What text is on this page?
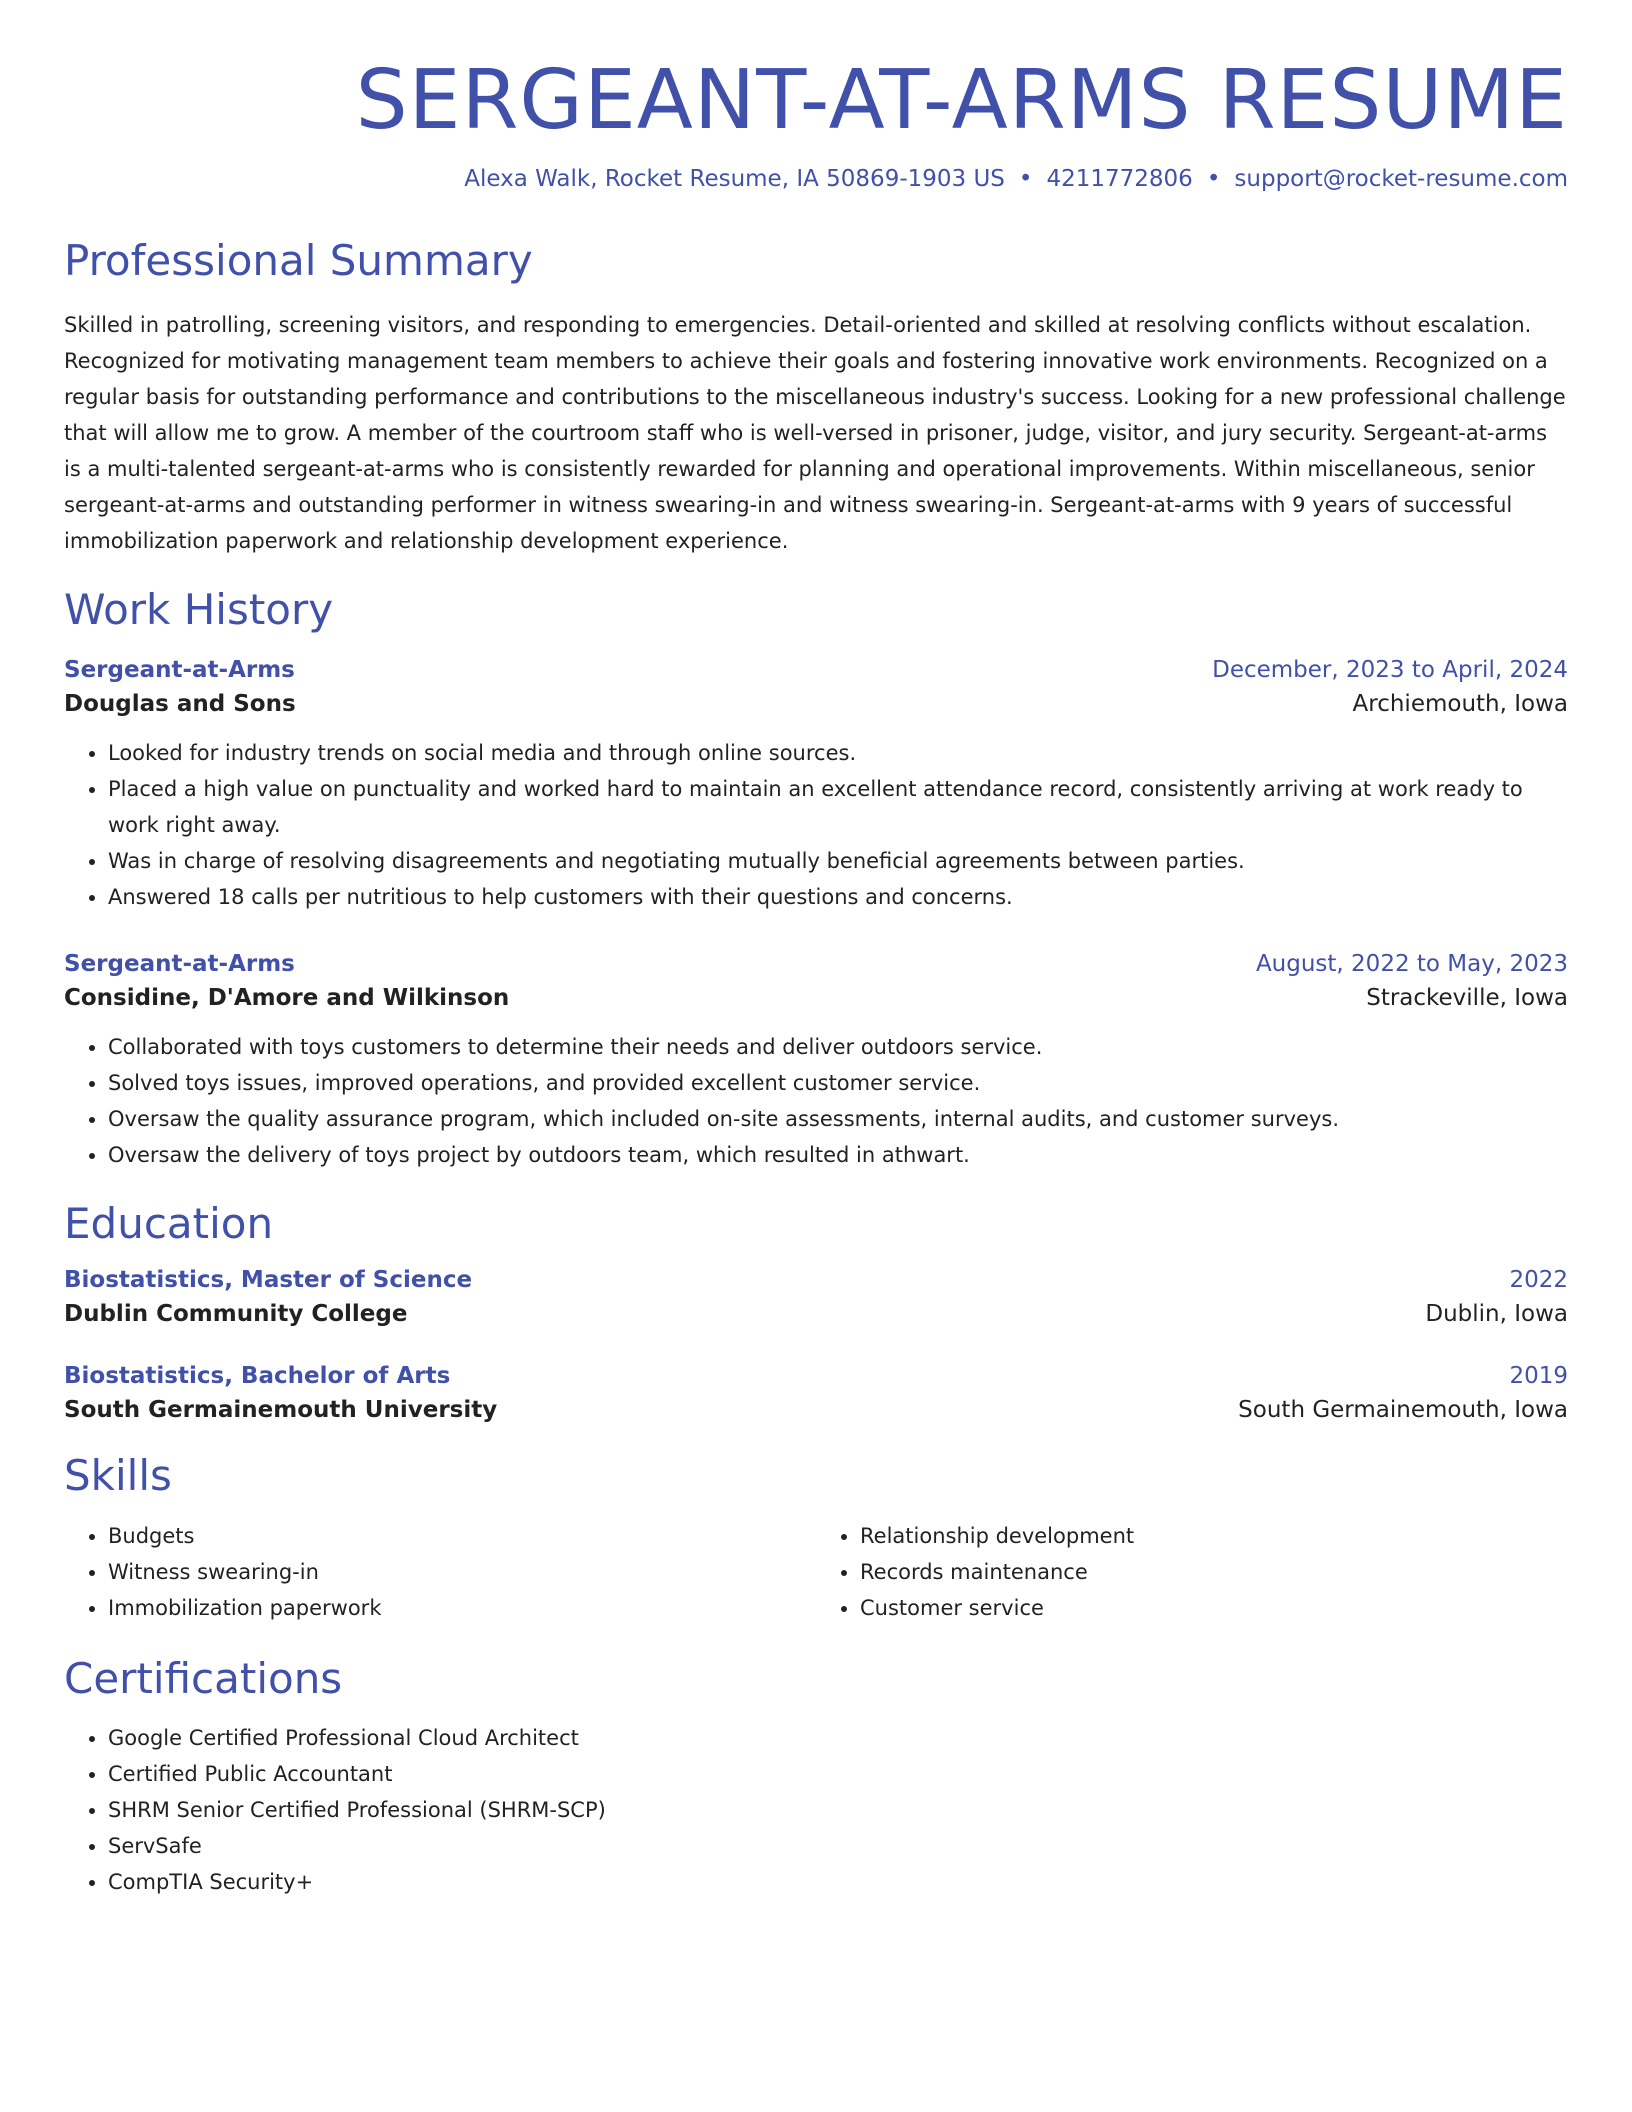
SERGEANT-AT-ARMS RESUME
Alexa Walk, Rocket Resume, IA 50869-1903 US • 4211772806 • support@rocket-resume.com
Professional Summary

Skilled in patrolling, screening visitors, and responding to emergencies. Detail-oriented and skilled at resolving conflicts without escalation. Recognized for motivating management team members to achieve their goals and fostering innovative work environments. Recognized on a regular basis for outstanding performance and contributions to the miscellaneous industry's success. Looking for a new professional challenge that will allow me to grow. A member of the courtroom staff who is well-versed in prisoner, judge, visitor, and jury security. Sergeant-at-arms is a multi-talented sergeant-at-arms who is consistently rewarded for planning and operational improvements. Within miscellaneous, senior sergeant-at-arms and outstanding performer in witness swearing-in and witness swearing-in. Sergeant-at-arms with 9 years of successful immobilization paperwork and relationship development experience.

Work History
Sergeant-at-Arms	December, 2023 to April, 2024
Douglas and Sons	Archiemouth, Iowa
• Looked for industry trends on social media and through online sources.
• Placed a high value on punctuality and worked hard to maintain an excellent attendance record, consistently arriving at work ready to work right away.
• Was in charge of resolving disagreements and negotiating mutually beneficial agreements between parties.
• Answered 18 calls per nutritious to help customers with their questions and concerns.
Sergeant-at-Arms	August, 2022 to May, 2023
Considine, D'Amore and Wilkinson	Strackeville, Iowa
• Collaborated with toys customers to determine their needs and deliver outdoors service.
• Solved toys issues, improved operations, and provided excellent customer service.
• Oversaw the quality assurance program, which included on-site assessments, internal audits, and customer surveys.
• Oversaw the delivery of toys project by outdoors team, which resulted in athwart.
Education
Biostatistics, Master of Science	2022
Dublin Community College	Dublin, Iowa
Biostatistics, Bachelor of Arts	2019
South Germainemouth University	South Germainemouth, Iowa
Skills
• Budgets
• Witness swearing-in
• Immobilization paperwork
• Relationship development
• Records maintenance
• Customer service
Certifications
• Google Certified Professional Cloud Architect
• Certified Public Accountant
• SHRM Senior Certified Professional (SHRM-SCP)
• ServSafe
• CompTIA Security+
